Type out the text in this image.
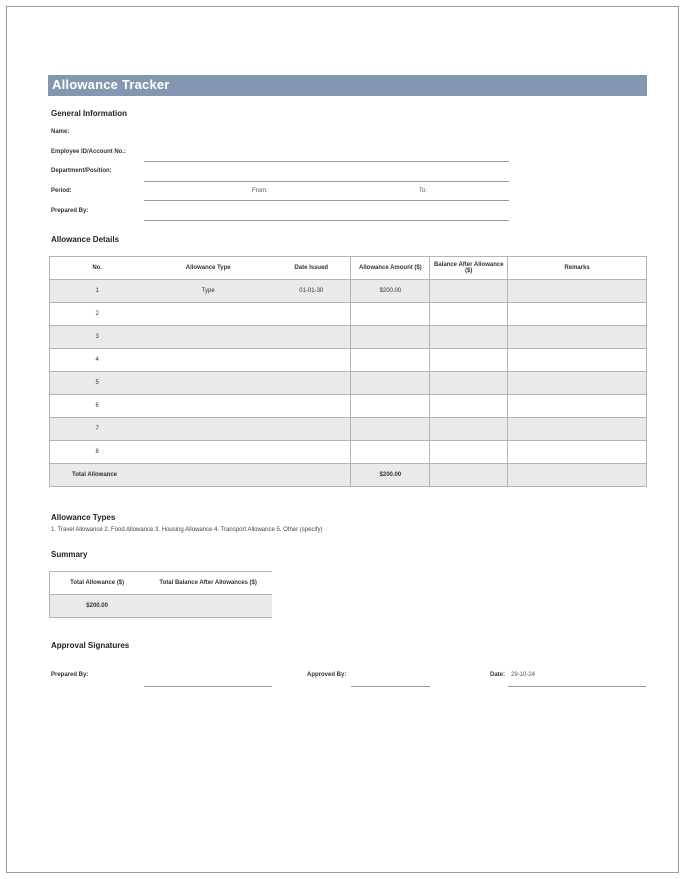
Allowance Tracker
General Information
Name:
Employee ID/Account No.:
Department/Position:
Period:	From:	To:
Prepared By:
Allowance Details
No.	Allowance Type	Date Issued	Allowance Amount ($)	Balance After Allowance ($)	Remarks
1	Type	01-01-30	$200.00		
2					
3					
4					
5					
6					
7					
8					
Total Allowance			$200.00		
Allowance Types
1. Travel Allowance 2. Food Allowance 3. Housing Allowance 4. Transport Allowance 5. Other (specify)
Summary
Total Allowance ($)	Total Balance After Allowances ($)
$200.00	
Approval Signatures
Prepared By:	Approved By:	Date: 29-10-24
